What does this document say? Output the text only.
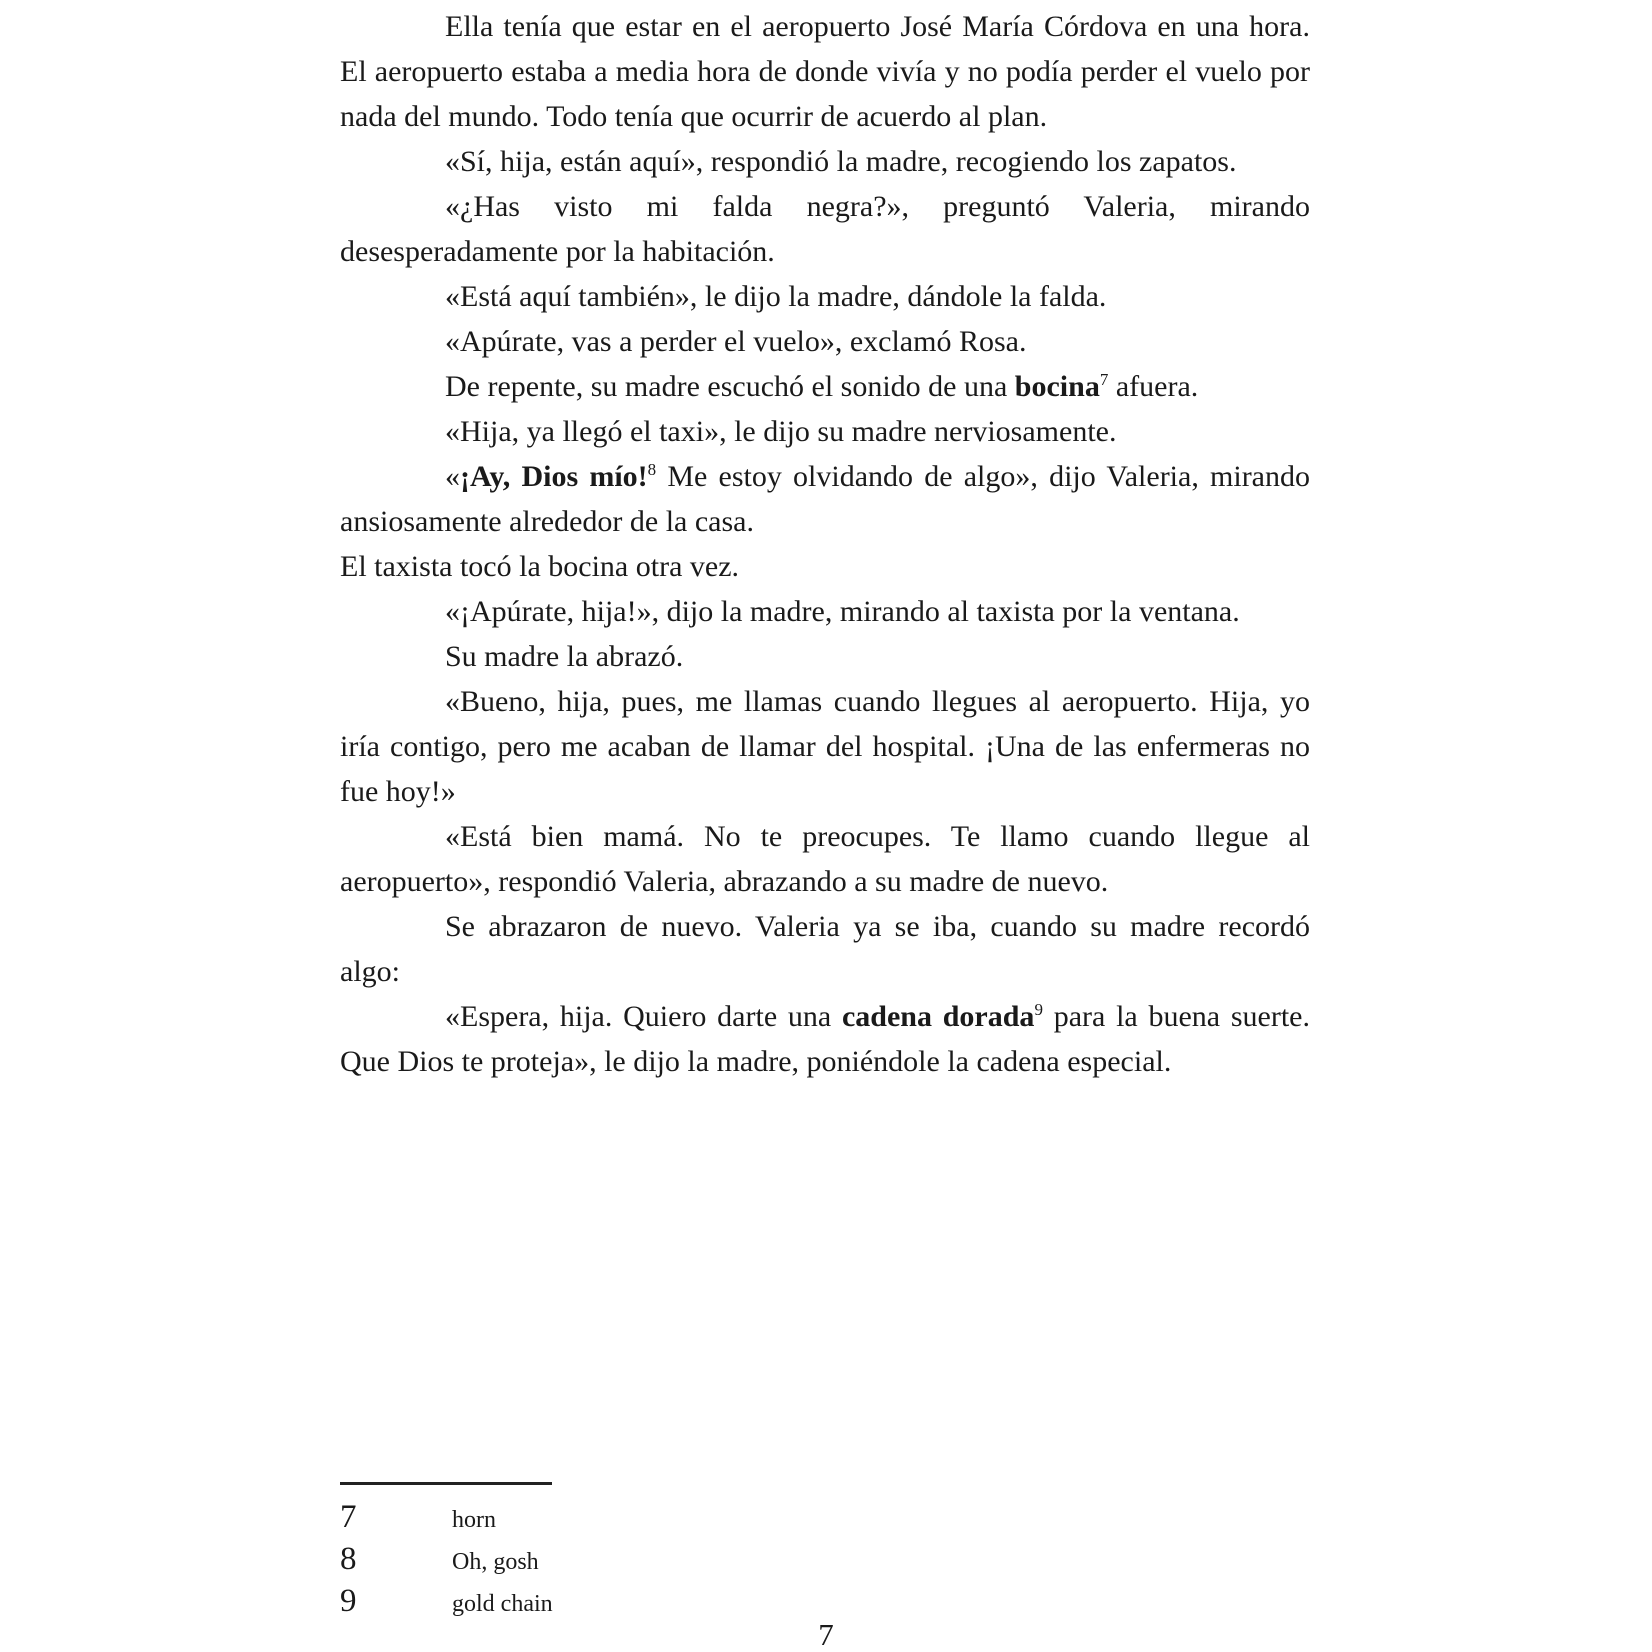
Ella tenía que estar en el aeropuerto José María Córdova en una hora. El aeropuerto estaba a media hora de donde vivía y no podía perder el vuelo por nada del mundo. Todo tenía que ocurrir de acuerdo al plan.

«Sí, hija, están aquí», respondió la madre, recogiendo los zapatos.

«¿Has visto mi falda negra?», preguntó Valeria, mirando desesperadamente por la habitación.

«Está aquí también», le dijo la madre, dándole la falda.

«Apúrate, vas a perder el vuelo», exclamó Rosa.

De repente, su madre escuchó el sonido de una bocina$^7$ afuera.

«Hija, ya llegó el taxi», le dijo su madre nerviosamente.

«¡Ay, Dios mío!$^8$ Me estoy olvidando de algo», dijo Valeria, mirando ansiosamente alrededor de la casa.

El taxista tocó la bocina otra vez.

«¡Apúrate, hija!», dijo la madre, mirando al taxista por la ventana.

Su madre la abrazó.

«Bueno, hija, pues, me llamas cuando llegues al aeropuerto. Hija, yo iría contigo, pero me acaban de llamar del hospital. ¡Una de las enfermeras no fue hoy!»

«Está bien mamá. No te preocupes. Te llamo cuando llegue al aeropuerto», respondió Valeria, abrazando a su madre de nuevo.

Se abrazaron de nuevo. Valeria ya se iba, cuando su madre recordó algo:

«Espera, hija. Quiero darte una cadena dorada$^9$ para la buena suerte. Que Dios te proteja», le dijo la madre, poniéndole la cadena especial.

7	horn
8	Oh, gosh
9	gold chain
7
